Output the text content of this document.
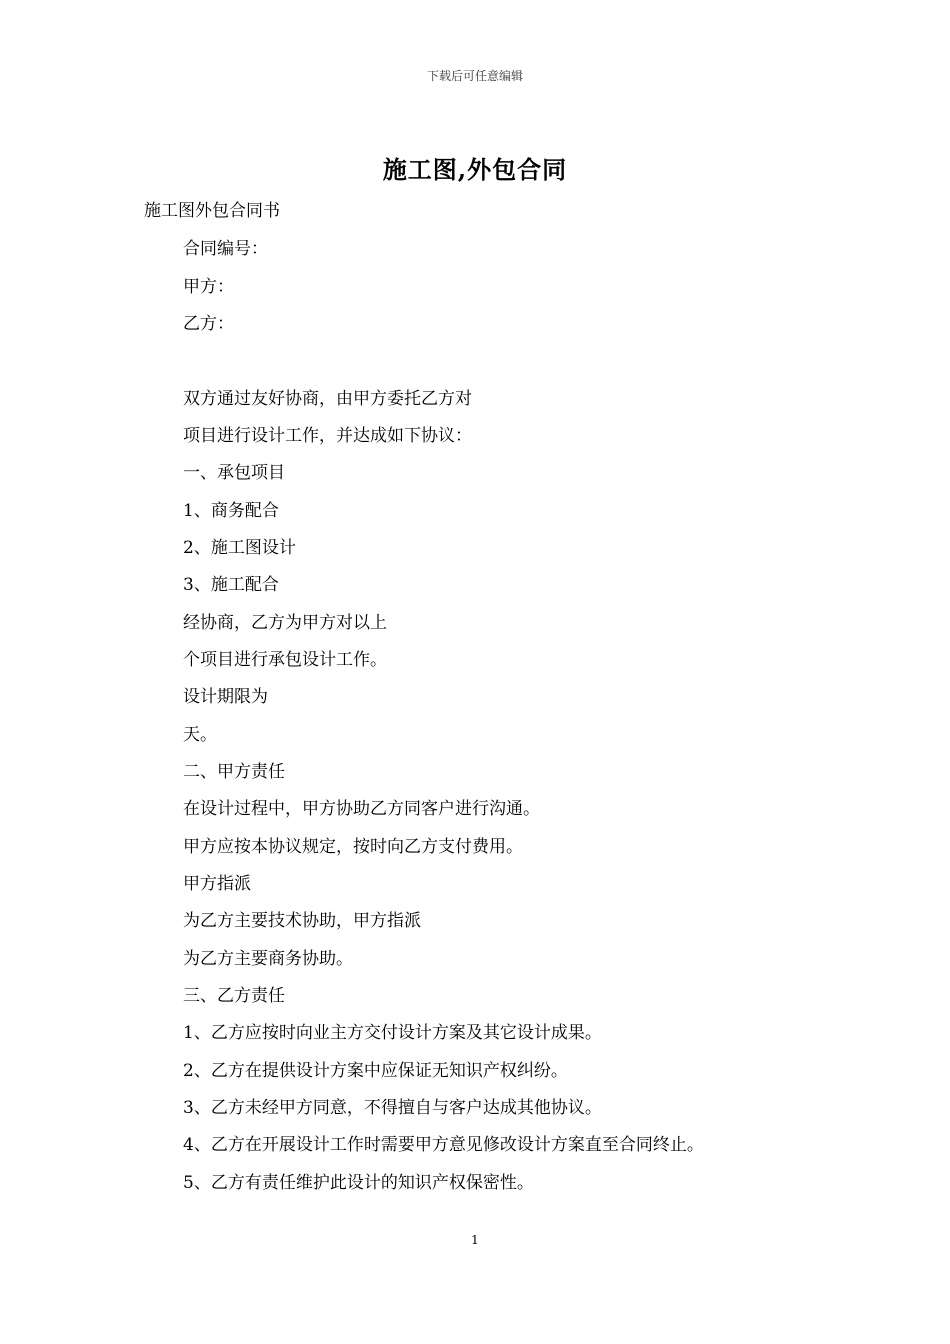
下载后可任意编辑
施工图,外包合同
施工图外包合同书
合同编号：
甲方：
乙方：
双方通过友好协商，由甲方委托乙方对
项目进行设计工作，并达成如下协议：
一、承包项目
1、商务配合
2、施工图设计
3、施工配合
经协商，乙方为甲方对以上
个项目进行承包设计工作。
设计期限为
天。
二、甲方责任
在设计过程中，甲方协助乙方同客户进行沟通。
甲方应按本协议规定，按时向乙方支付费用。
甲方指派
为乙方主要技术协助，甲方指派
为乙方主要商务协助。
三、乙方责任
1、乙方应按时向业主方交付设计方案及其它设计成果。
2、乙方在提供设计方案中应保证无知识产权纠纷。
3、乙方未经甲方同意，不得擅自与客户达成其他协议。
4、乙方在开展设计工作时需要甲方意见修改设计方案直至合同终止。
5、乙方有责任维护此设计的知识产权保密性。
1
